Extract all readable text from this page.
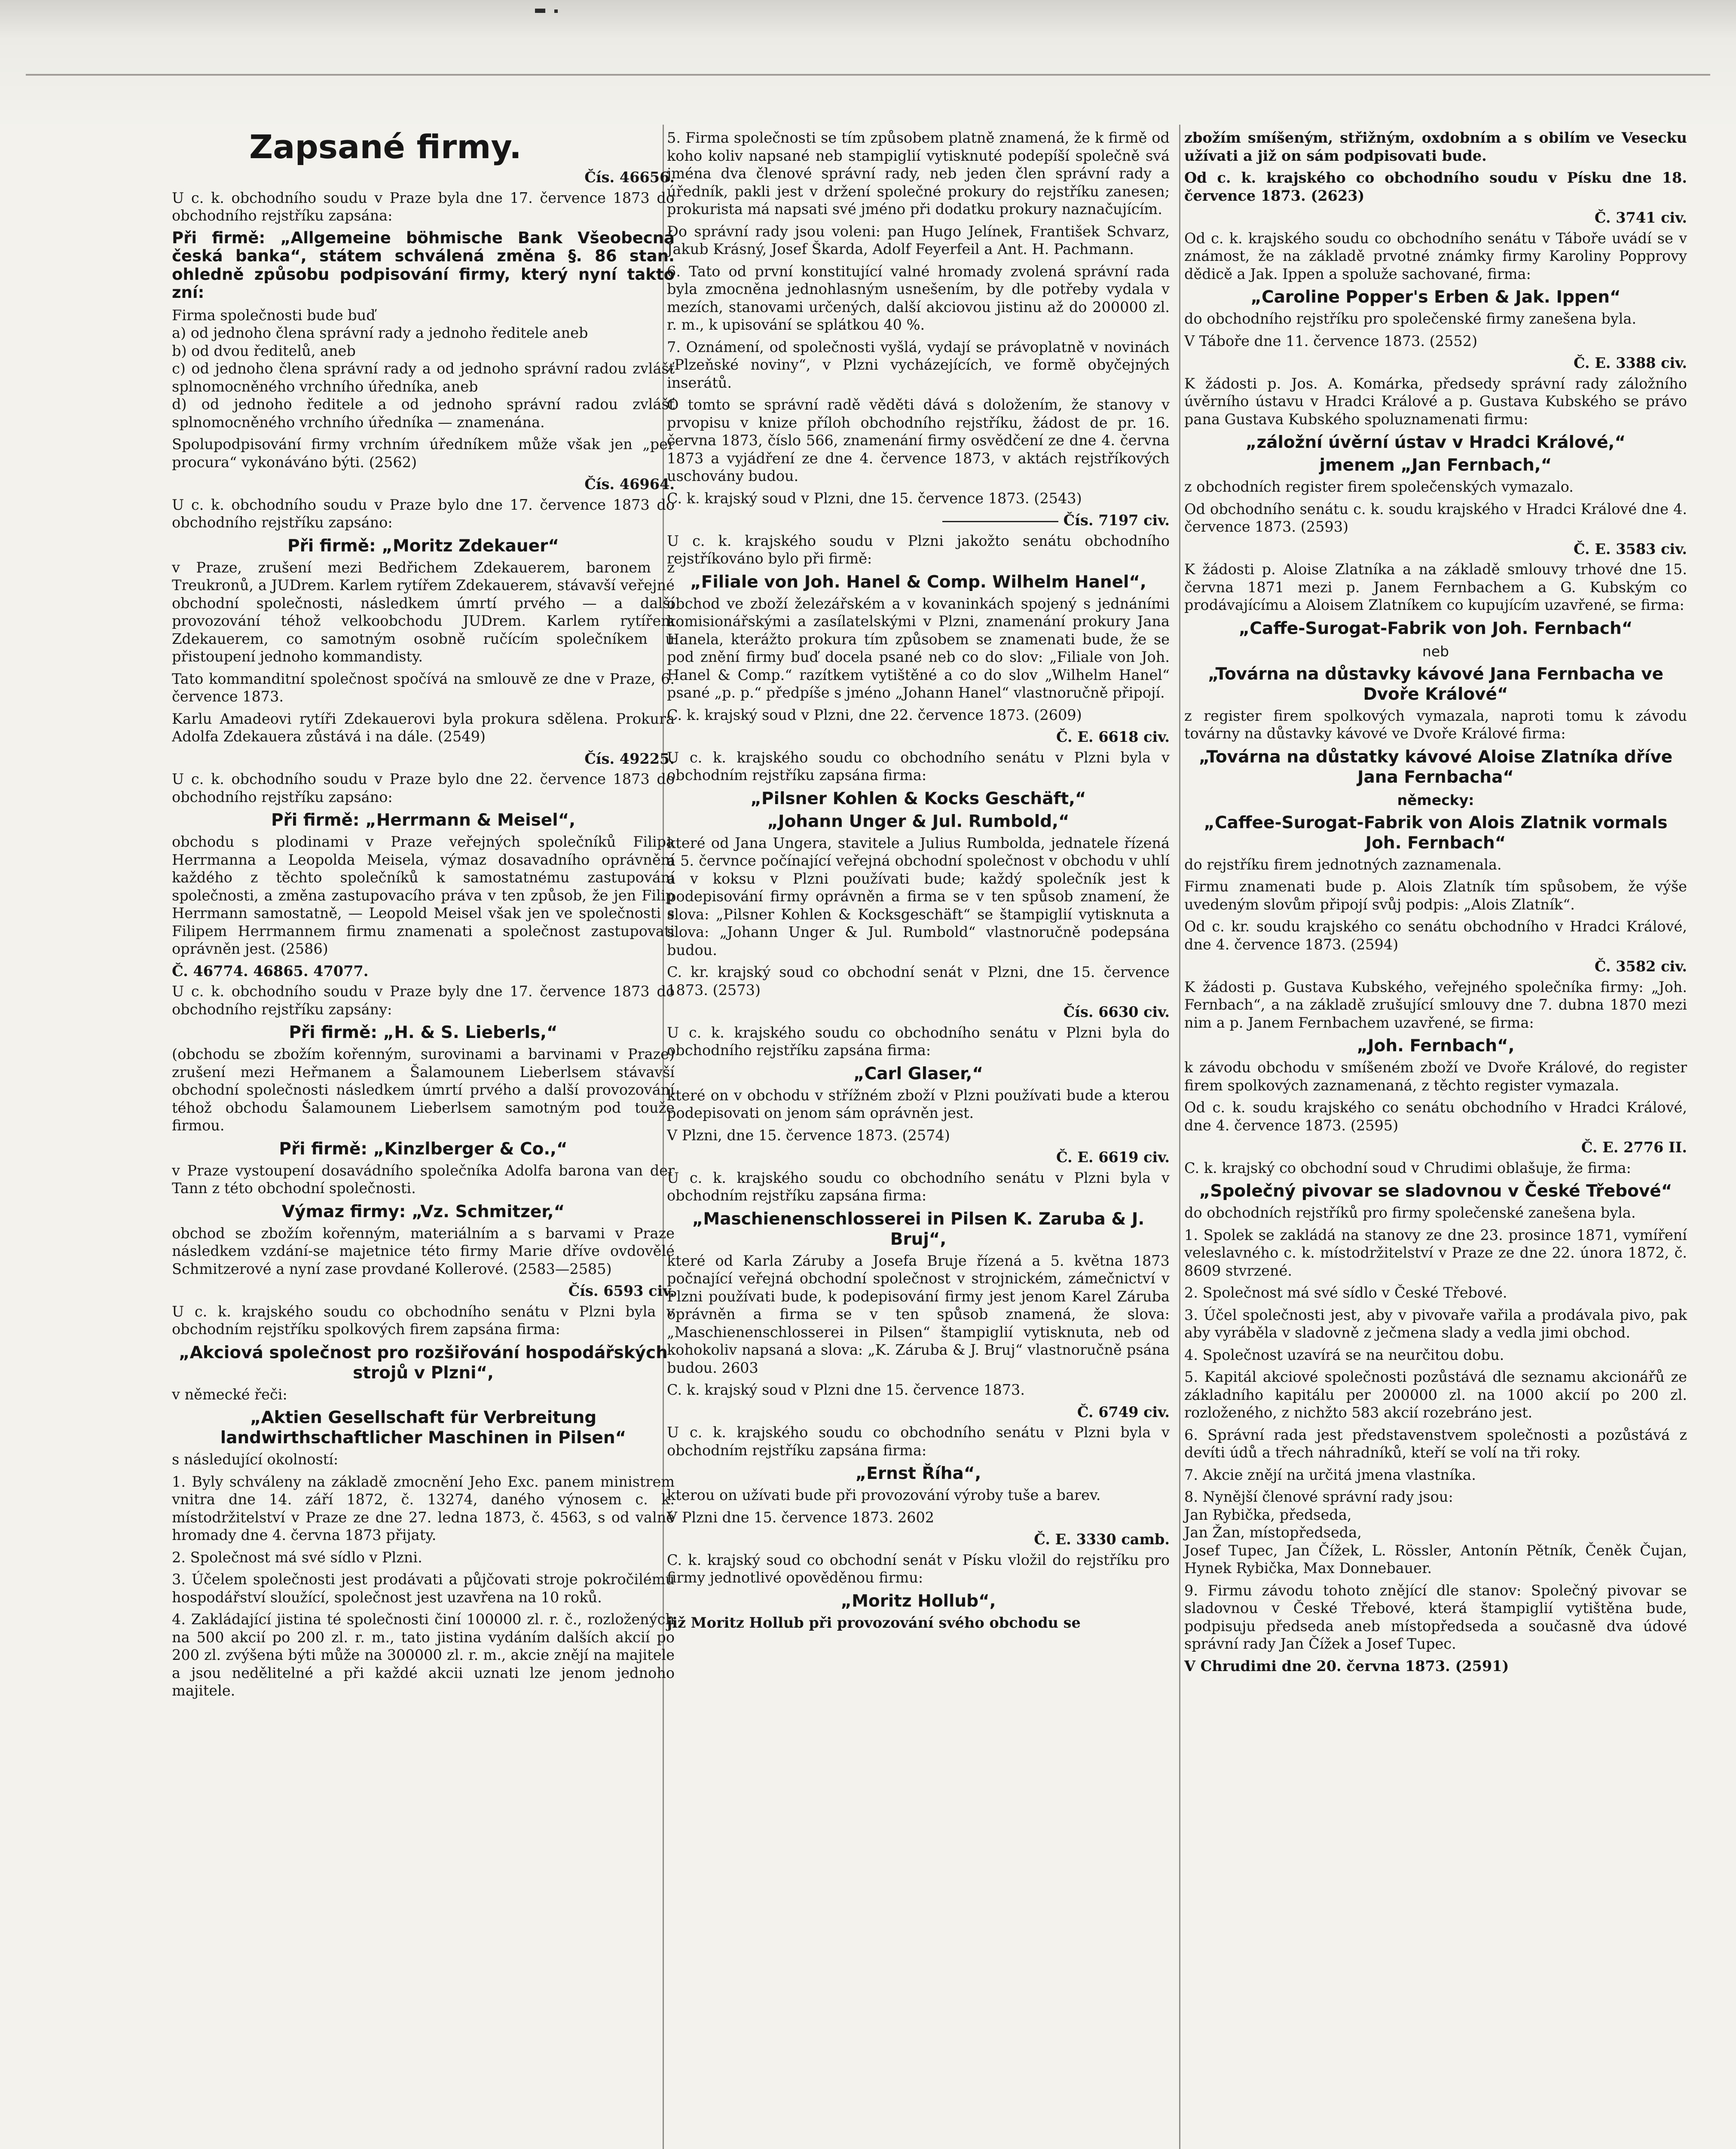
Zapsané firmy.
Čís. 46656.

U c. k. obchodního soudu v Praze byla dne 17. července 1873 do obchodního rejstříku zapsána:

Při firmě: „Allgemeine böhmische Bank Všeobecná česká banka“, státem schválená změna §. 86 stan. ohledně způsobu podpisování firmy, který nyní takto zní:

Firma společnosti bude buď
a) od jednoho člena správní rady a jednoho ředitele aneb
b) od dvou ředitelů, aneb
c) od jednoho člena správní rady a od jednoho správní radou zvlášť splnomocněného vrchního úředníka, aneb
d) od jednoho ředitele a od jednoho správní radou zvlášť splnomocněného vrchního úředníka — znamenána.

Spolupodpisování firmy vrchním úředníkem může však jen „per procura“ vykonáváno býti. (2562)

Čís. 46964.

U c. k. obchodního soudu v Praze bylo dne 17. července 1873 do obchodního rejstříku zapsáno:

Při firmě: „Moritz Zdekauer“

v Praze, zrušení mezi Bedřichem Zdekauerem, baronem z Treukronů, a JUDrem. Karlem rytířem Zdekauerem, stávavší veřejné obchodní společnosti, následkem úmrtí prvého — a další provozování téhož velkoobchodu JUDrem. Karlem rytířem Zdekauerem, co samotným osobně ručícím společníkem u přistoupení jednoho kommandisty.

Tato kommanditní společnost spočívá na smlouvě ze dne v Praze, 6. července 1873.

Karlu Amadeovi rytíři Zdekauerovi byla prokura sdělena. Prokura Adolfa Zdekauera zůstává i na dále. (2549)

Čís. 49225.

U c. k. obchodního soudu v Praze bylo dne 22. července 1873 do obchodního rejstříku zapsáno:

Při firmě: „Herrmann & Meisel“,

obchodu s plodinami v Praze veřejných společníků Filipa Herrmanna a Leopolda Meisela, výmaz dosavadního oprávnění každého z těchto společníků k samostatnému zastupování společnosti, a změna zastupovacího práva v ten způsob, že jen Filip Herrmann samostatně, — Leopold Meisel však jen ve společnosti s Filipem Herrmannem firmu znamenati a společnost zastupovati oprávněn jest. (2586)

Č. 46774. 46865. 47077.

U c. k. obchodního soudu v Praze byly dne 17. července 1873 do obchodního rejstříku zapsány:

Při firmě: „H. & S. Lieberls,“

(obchodu se zbožím kořenným, surovinami a barvinami v Praze) zrušení mezi Heřmanem a Šalamounem Lieberlsem stávavší obchodní společnosti následkem úmrtí prvého a další provozování téhož obchodu Šalamounem Lieberlsem samotným pod touže firmou.

Při firmě: „Kinzlberger & Co.,“

v Praze vystoupení dosavádního společníka Adolfa barona van der Tann z této obchodní společnosti.

Výmaz firmy: „Vz. Schmitzer,“

obchod se zbožím kořenným, materiálním a s barvami v Praze následkem vzdání-se majetnice této firmy Marie dříve ovdovělé Schmitzerové a nyní zase provdané Kollerové. (2583—2585)

Čís. 6593 civ.

U c. k. krajského soudu co obchodního senátu v Plzni byla v obchodním rejstříku spolkových firem zapsána firma:

„Akciová společnost pro rozšiřování hospodářských strojů v Plzni“,

v německé řeči:

„Aktien Gesellschaft für Verbreitung landwirthschaftlicher Maschinen in Pilsen“

s následující okolností:

1. Byly schváleny na základě zmocnění Jeho Exc. panem ministrem vnitra dne 14. září 1872, č. 13274, daného výnosem c. k. místodržitelství v Praze ze dne 27. ledna 1873, č. 4563, s od valné hromady dne 4. června 1873 přijaty.

2. Společnost má své sídlo v Plzni.

3. Účelem společnosti jest prodávati a půjčovati stroje pokročilému hospodářství sloužící, společnost jest uzavřena na 10 roků.

4. Zakládající jistina té společnosti činí 100000 zl. r. č., rozložených na 500 akcií po 200 zl. r. m., tato jistina vydáním dalších akcií po 200 zl. zvýšena býti může na 300000 zl. r. m., akcie znějí na majitele a jsou nedělitelné a při každé akcii uznati lze jenom jednoho majitele.

5. Firma společnosti se tím způsobem platně znamená, že k firmě od koho koliv napsané neb stampiglií vytisknuté podepíší společně svá jména dva členové správní rady, neb jeden člen správní rady a úředník, pakli jest v držení společné prokury do rejstříku zanesen; prokurista má napsati své jméno při dodatku prokury naznačujícím.

Do správní rady jsou voleni: pan Hugo Jelínek, František Schvarz, Jakub Krásný, Josef Škarda, Adolf Feyerfeil a Ant. H. Pachmann.

6. Tato od první konstitující valné hromady zvolená správní rada byla zmocněna jednohlasným usnešením, by dle potřeby vydala v mezích, stanovami určených, další akciovou jistinu až do 200000 zl. r. m., k upisování se splátkou 40 %.

7. Oznámení, od společnosti vyšlá, vydají se právoplatně v novinách „Plzeňské noviny“, v Plzni vycházejících, ve formě obyčejných inserátů.

O tomto se správní radě věděti dává s doložením, že stanovy v prvopisu v knize příloh obchodního rejstříku, žádost de pr. 16. června 1873, číslo 566, znamenání firmy osvědčení ze dne 4. června 1873 a vyjádření ze dne 4. července 1873, v aktách rejstříkových uschovány budou.

C. k. krajský soud v Plzni, dne 15. července 1873. (2543)

Čís. 7197 civ.

U c. k. krajského soudu v Plzni jakožto senátu obchodního rejstříkováno bylo při firmě:

„Filiale von Joh. Hanel & Comp. Wilhelm Hanel“,

obchod ve zboží železářském a v kovaninkách spojený s jednáními komisionářskými a zasílatelskými v Plzni, znamenání prokury Jana Hanela, kterážto prokura tím způsobem se znamenati bude, že se pod znění firmy buď docela psané neb co do slov: „Filiale von Joh. Hanel & Comp.“ razítkem vytištěné a co do slov „Wilhelm Hanel“ psané „p. p.“ předpíše s jméno „Johann Hanel“ vlastnoručně připojí.

C. k. krajský soud v Plzni, dne 22. července 1873. (2609)

Č. E. 6618 civ.

U c. k. krajského soudu co obchodního senátu v Plzni byla v obchodním rejstříku zapsána firma:

„Pilsner Kohlen & Kocks Geschäft,“
„Johann Unger & Jul. Rumbold,“

které od Jana Ungera, stavitele a Julius Rumbolda, jednatele řízená a 5. červnce počínající veřejná obchodní společnost v obchodu v uhlí a v koksu v Plzni používati bude; každý společník jest k podepisování firmy oprávněn a firma se v ten spůsob znamení, že slova: „Pilsner Kohlen & Kocksgeschäft“ se štampiglií vytisknuta a slova: „Johann Unger & Jul. Rumbold“ vlastnoručně podepsána budou.

C. kr. krajský soud co obchodní senát v Plzni, dne 15. července 1873. (2573)

Čís. 6630 civ.

U c. k. krajského soudu co obchodního senátu v Plzni byla do obchodního rejstříku zapsána firma:

„Carl Glaser,“

které on v obchodu v střížném zboží v Plzni používati bude a kterou podepisovati on jenom sám oprávněn jest.

V Plzni, dne 15. července 1873. (2574)

Č. E. 6619 civ.

U c. k. krajského soudu co obchodního senátu v Plzni byla v obchodním rejstříku zapsána firma:

„Maschienenschlosserei in Pilsen K. Zaruba & J. Bruj“,

které od Karla Záruby a Josefa Bruje řízená a 5. května 1873 počnající veřejná obchodní společnost v strojnickém, zámečnictví v Plzni používati bude, k podepisování firmy jest jenom Karel Záruba oprávněn a firma se v ten spůsob znamená, že slova: „Maschienenschlosserei in Pilsen“ štampiglií vytisknuta, neb od kohokoliv napsaná a slova: „K. Záruba & J. Bruj“ vlastnoručně psána budou. 2603

C. k. krajský soud v Plzni dne 15. července 1873.

Č. 6749 civ.

U c. k. krajského soudu co obchodního senátu v Plzni byla v obchodním rejstříku zapsána firma:

„Ernst Říha“,

kterou on užívati bude při provozování výroby tuše a barev.

V Plzni dne 15. července 1873. 2602

Č. E. 3330 camb.

C. k. krajský soud co obchodní senát v Písku vložil do rejstříku pro firmy jednotlivé opověděnou firmu:

„Moritz Hollub“,

již Moritz Hollub při provozování svého obchodu se

zbožím smíšeným, střižným, oxdobním a s obilím ve Vesecku užívati a již on sám podpisovati bude.

Od c. k. krajského co obchodního soudu v Písku dne 18. července 1873. (2623)

Č. 3741 civ.

Od c. k. krajského soudu co obchodního senátu v Táboře uvádí se v známost, že na základě prvotné známky firmy Karoliny Popprovy dědicě a Jak. Ippen a spoluže sachované, firma:

„Caroline Popper's Erben & Jak. Ippen“

do obchodního rejstříku pro společenské firmy zanešena byla.

V Táboře dne 11. července 1873. (2552)

Č. E. 3388 civ.

K žádosti p. Jos. A. Komárka, předsedy správní rady záložního úvěrního ústavu v Hradci Králové a p. Gustava Kubského se právo pana Gustava Kubského spoluznamenati firmu:

„záložní úvěrní ústav v Hradci Králové,“
jmenem „Jan Fernbach,“

z obchodních register firem společenských vymazalo.

Od obchodního senátu c. k. soudu krajského v Hradci Králové dne 4. července 1873. (2593)

Č. E. 3583 civ.

K žádosti p. Aloise Zlatníka a na základě smlouvy trhové dne 15. června 1871 mezi p. Janem Fernbachem a G. Kubským co prodávajícímu a Aloisem Zlatníkem co kupujícím uzavřené, se firma:

„Caffe-Surogat-Fabrik von Joh. Fernbach“
neb
„Továrna na důstavky kávové Jana Fernbacha ve Dvoře Králové“

z register firem spolkových vymazala, naproti tomu k závodu továrny na důstavky kávové ve Dvoře Králové firma:

„Továrna na důstatky kávové Aloise Zlatníka dříve Jana Fernbacha“
německy:
„Caffee-Surogat-Fabrik von Alois Zlatnik vormals Joh. Fernbach“

do rejstříku firem jednotných zaznamenala.

Firmu znamenati bude p. Alois Zlatník tím spůsobem, že výše uvedeným slovům připojí svůj podpis: „Alois Zlatník“.

Od c. kr. soudu krajského co senátu obchodního v Hradci Králové, dne 4. července 1873. (2594)

Č. 3582 civ.

K žádosti p. Gustava Kubského, veřejného společníka firmy: „Joh. Fernbach“, a na základě zrušující smlouvy dne 7. dubna 1870 mezi nim a p. Janem Fernbachem uzavřené, se firma:

„Joh. Fernbach“,

k závodu obchodu v smíšeném zboží ve Dvoře Králové, do register firem spolkových zaznamenaná, z těchto register vymazala.

Od c. k. soudu krajského co senátu obchodního v Hradci Králové, dne 4. července 1873. (2595)

Č. E. 2776 II.

C. k. krajský co obchodní soud v Chrudimi oblašuje, že firma:

„Společný pivovar se sladovnou v České Třebové“

do obchodních rejstříků pro firmy společenské zanešena byla.

1. Spolek se zakládá na stanovy ze dne 23. prosince 1871, vymíření veleslavného c. k. místodržitelství v Praze ze dne 22. února 1872, č. 8609 stvrzené.

2. Společnost má své sídlo v České Třebové.

3. Účel společnosti jest, aby v pivovaře vařila a prodávala pivo, pak aby vyráběla v sladovně z ječmena slady a vedla jimi obchod.

4. Společnost uzavírá se na neurčitou dobu.

5. Kapitál akciové společnosti pozůstává dle seznamu akcionářů ze základního kapitálu per 200000 zl. na 1000 akcií po 200 zl. rozloženého, z nichžto 583 akcií rozebráno jest.

6. Správní rada jest představenstvem společnosti a pozůstává z devíti údů a třech náhradníků, kteří se volí na tři roky.

7. Akcie znějí na určitá jmena vlastníka.

8. Nynější členové správní rady jsou:
Jan Rybička, předseda,
Jan Žan, místopředseda,
Josef Tupec, Jan Čížek, L. Rössler, Antonín Pětník, Čeněk Čujan, Hynek Rybička, Max Donnebauer.

9. Firmu závodu tohoto znějící dle stanov: Společný pivovar se sladovnou v České Třebové, která štampiglií vytištěna bude, podpisuju předseda aneb místopředseda a současně dva údové správní rady Jan Čížek a Josef Tupec.

V Chrudimi dne 20. června 1873. (2591)
